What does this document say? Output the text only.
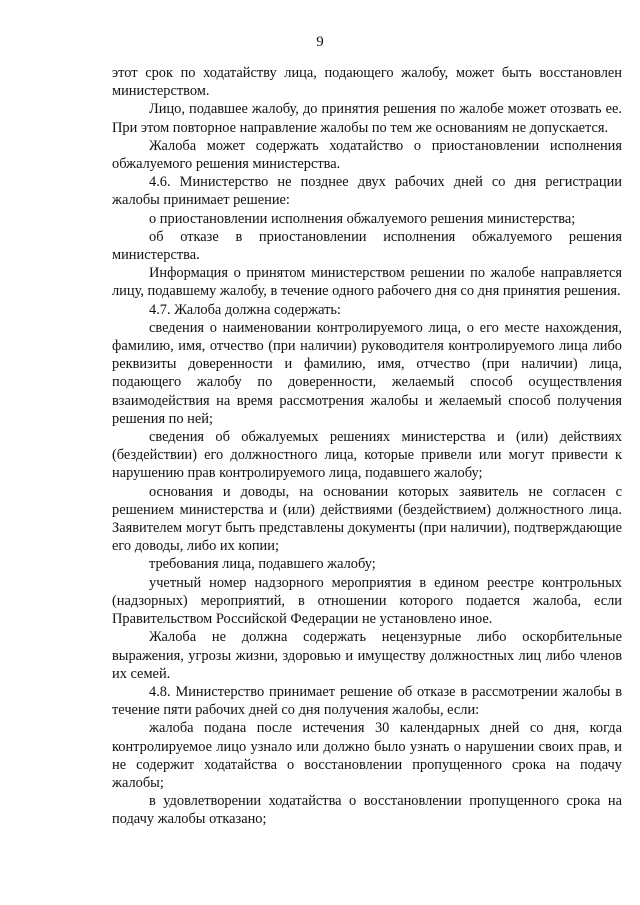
9

этот срок по ходатайству лица, подающего жалобу, может быть восстановлен министерством.

Лицо, подавшее жалобу, до принятия решения по жалобе может отозвать ее. При этом повторное направление жалобы по тем же основаниям не допускается.

Жалоба может содержать ходатайство о приостановлении исполнения обжалуемого решения министерства.

4.6. Министерство не позднее двух рабочих дней со дня регистрации жалобы принимает решение:

о приостановлении исполнения обжалуемого решения министерства;

об отказе в приостановлении исполнения обжалуемого решения министерства.

Информация о принятом министерством решении по жалобе направляется лицу, подавшему жалобу, в течение одного рабочего дня со дня принятия решения.

4.7. Жалоба должна содержать:

сведения о наименовании контролируемого лица, о его месте нахождения, фамилию, имя, отчество (при наличии) руководителя контролируемого лица либо реквизиты доверенности и фамилию, имя, отчество (при наличии) лица, подающего жалобу по доверенности, желаемый способ осуществления взаимодействия на время рассмотрения жалобы и желаемый способ получения решения по ней;

сведения об обжалуемых решениях министерства и (или) действиях (бездействии) его должностного лица, которые привели или могут привести к нарушению прав контролируемого лица, подавшего жалобу;

основания и доводы, на основании которых заявитель не согласен с решением министерства и (или) действиями (бездействием) должностного лица. Заявителем могут быть представлены документы (при наличии), подтверждающие его доводы, либо их копии;

требования лица, подавшего жалобу;

учетный номер надзорного мероприятия в едином реестре контрольных (надзорных) мероприятий, в отношении которого подается жалоба, если Правительством Российской Федерации не установлено иное.

Жалоба не должна содержать нецензурные либо оскорбительные выражения, угрозы жизни, здоровью и имуществу должностных лиц либо членов их семей.

4.8. Министерство принимает решение об отказе в рассмотрении жалобы в течение пяти рабочих дней со дня получения жалобы, если:

жалоба подана после истечения 30 календарных дней со дня, когда контролируемое лицо узнало или должно было узнать о нарушении своих прав, и не содержит ходатайства о восстановлении пропущенного срока на подачу жалобы;

в удовлетворении ходатайства о восстановлении пропущенного срока на подачу жалобы отказано;
